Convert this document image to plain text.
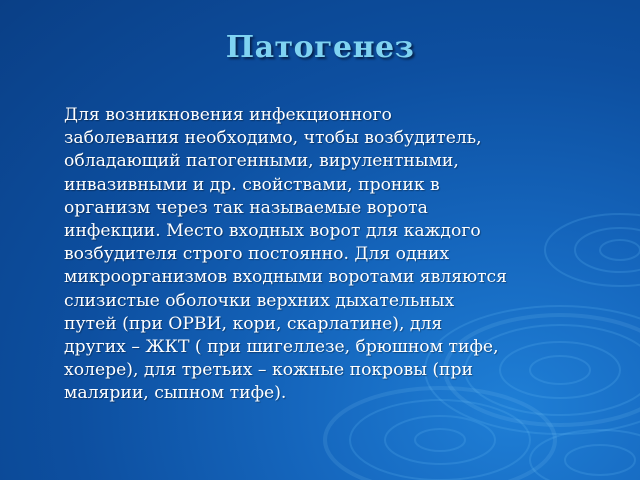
Патогенез
Для возникновения инфекционного
заболевания необходимо, чтобы возбудитель,
обладающий патогенными, вирулентными,
инвазивными и др. свойствами, проник в
организм через так называемые ворота
инфекции. Место входных ворот для каждого
возбудителя строго постоянно. Для одних
микроорганизмов входными воротами являются
слизистые оболочки верхних дыхательных
путей (при ОРВИ, кори, скарлатине), для
других – ЖКТ ( при шигеллезе, брюшном тифе,
холере), для третьих – кожные покровы (при
малярии, сыпном тифе).
